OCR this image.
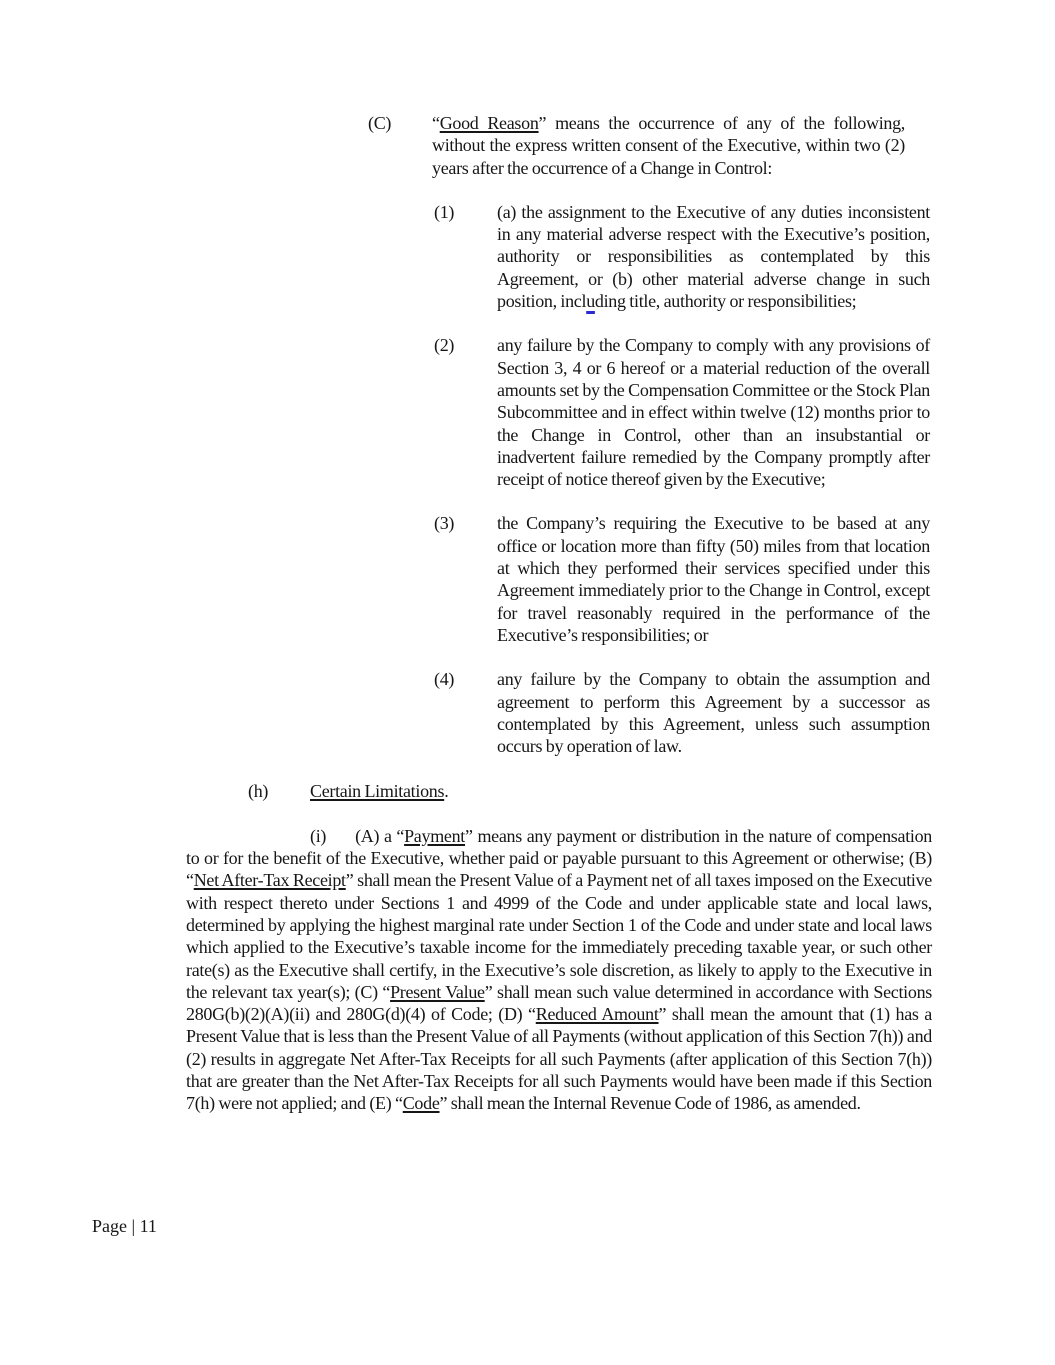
(C) “Good Reason” means the occurrence of any of the following, without the express written consent of the Executive, within two (2) years after the occurrence of a Change in Control:
(1) (a) the assignment to the Executive of any duties inconsistent in any material adverse respect with the Executive’s position, authority or responsibilities as contemplated by this Agreement, or (b) other material adverse change in such position, including title, authority or responsibilities;
(2) any failure by the Company to comply with any provisions of Section 3, 4 or 6 hereof or a material reduction of the overall amounts set by the Compensation Committee or the Stock Plan Subcommittee and in effect within twelve (12) months prior to the Change in Control, other than an insubstantial or inadvertent failure remedied by the Company promptly after receipt of notice thereof given by the Executive;
(3) the Company’s requiring the Executive to be based at any office or location more than fifty (50) miles from that location at which they performed their services specified under this Agreement immediately prior to the Change in Control, except for travel reasonably required in the performance of the Executive’s responsibilities; or
(4) any failure by the Company to obtain the assumption and agreement to perform this Agreement by a successor as contemplated by this Agreement, unless such assumption occurs by operation of law.
(h) Certain Limitations.
(i) (A) a “Payment” means any payment or distribution in the nature of compensation to or for the benefit of the Executive, whether paid or payable pursuant to this Agreement or otherwise; (B) “Net After-Tax Receipt” shall mean the Present Value of a Payment net of all taxes imposed on the Executive with respect thereto under Sections 1 and 4999 of the Code and under applicable state and local laws, determined by applying the highest marginal rate under Section 1 of the Code and under state and local laws which applied to the Executive’s taxable income for the immediately preceding taxable year, or such other rate(s) as the Executive shall certify, in the Executive’s sole discretion, as likely to apply to the Executive in the relevant tax year(s); (C) “Present Value” shall mean such value determined in accordance with Sections 280G(b)(2)(A)(ii) and 280G(d)(4) of Code; (D) “Reduced Amount” shall mean the amount that (1) has a Present Value that is less than the Present Value of all Payments (without application of this Section 7(h)) and (2) results in aggregate Net After-Tax Receipts for all such Payments (after application of this Section 7(h)) that are greater than the Net After-Tax Receipts for all such Payments would have been made if this Section 7(h) were not applied; and (E) “Code” shall mean the Internal Revenue Code of 1986, as amended.
Page | 11
